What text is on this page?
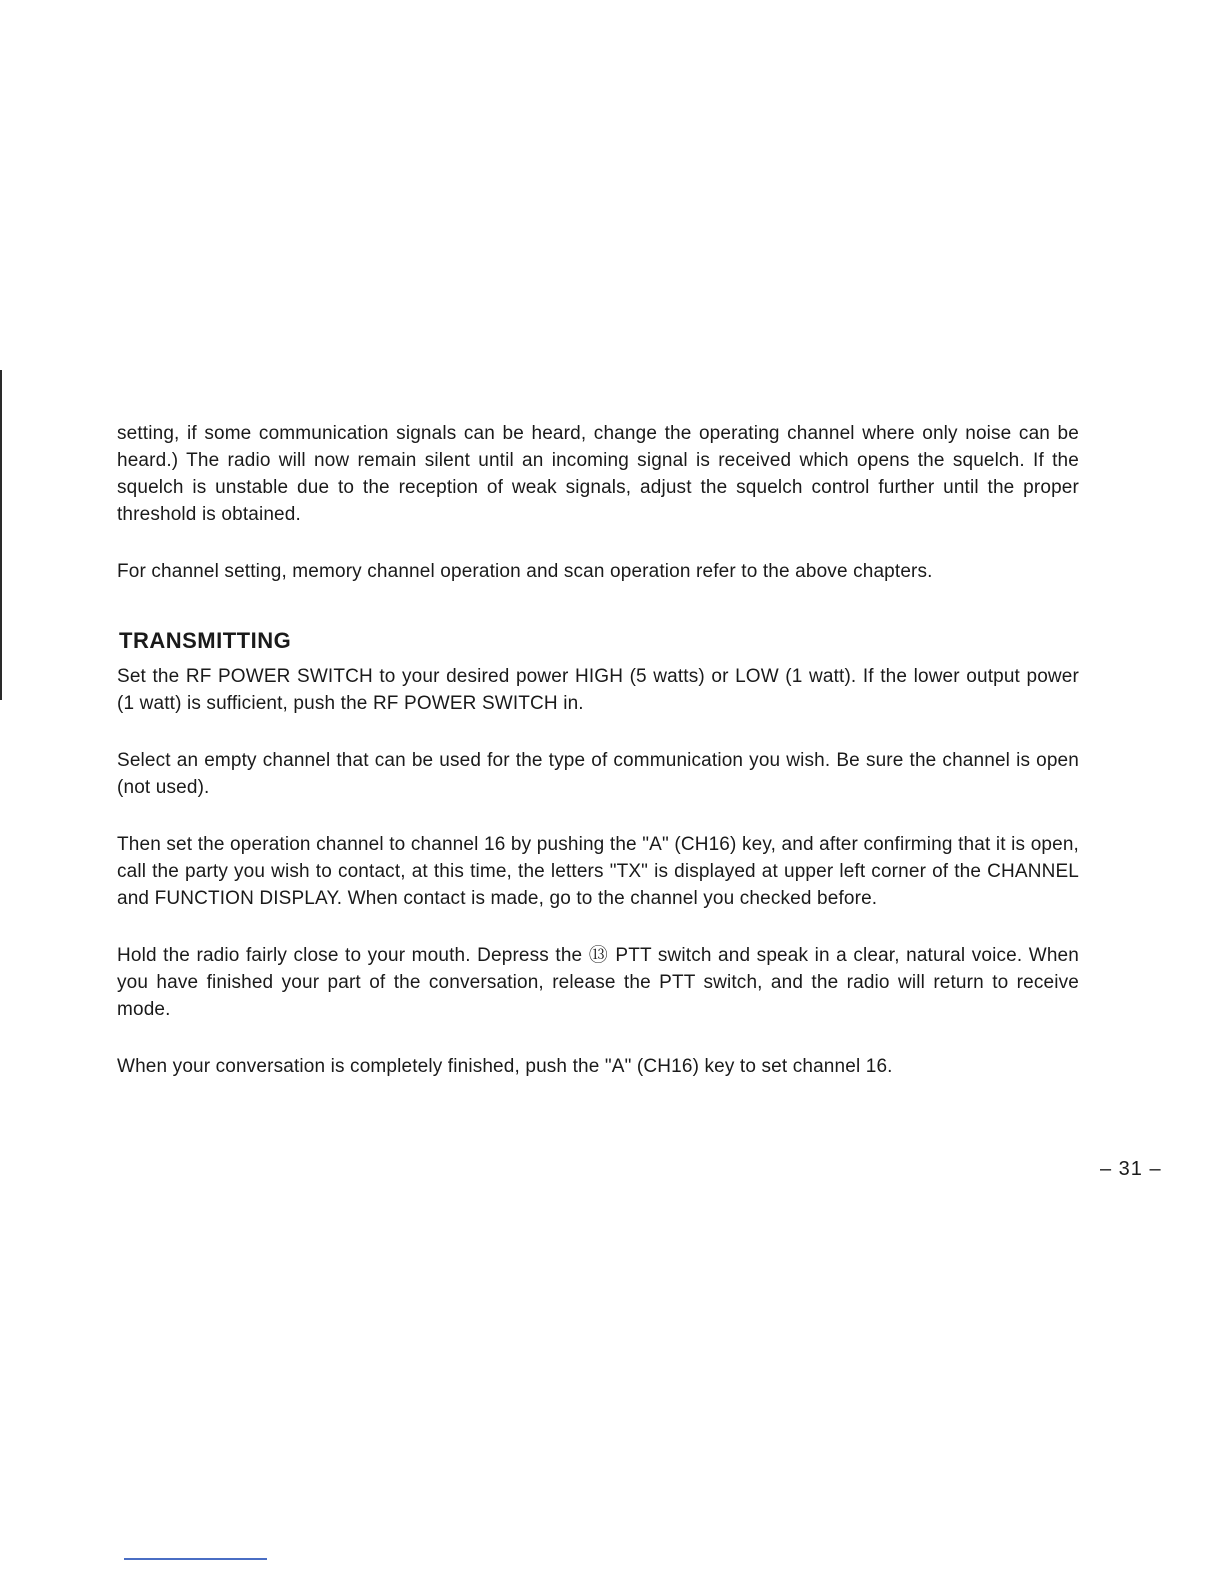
setting, if some communication signals can be heard, change the operating channel where only noise can be heard.) The radio will now remain silent until an incoming signal is received which opens the squelch. If the squelch is unstable due to the reception of weak signals, adjust the squelch control further until the proper threshold is obtained.

For channel setting, memory channel operation and scan operation refer to the above chapters.

TRANSMITTING

Set the RF POWER SWITCH to your desired power HIGH (5 watts) or LOW (1 watt). If the lower output power (1 watt) is sufficient, push the RF POWER SWITCH in.

Select an empty channel that can be used for the type of communication you wish. Be sure the channel is open (not used).

Then set the operation channel to channel 16 by pushing the "A" (CH16) key, and after confirming that it is open, call the party you wish to contact, at this time, the letters "TX" is displayed at upper left corner of the CHANNEL and FUNCTION DISPLAY. When contact is made, go to the channel you checked before.

Hold the radio fairly close to your mouth. Depress the ⑬ PTT switch and speak in a clear, natural voice. When you have finished your part of the conversation, release the PTT switch, and the radio will return to receive mode.

When your conversation is completely finished, push the "A" (CH16) key to set channel 16.

– 31 –
